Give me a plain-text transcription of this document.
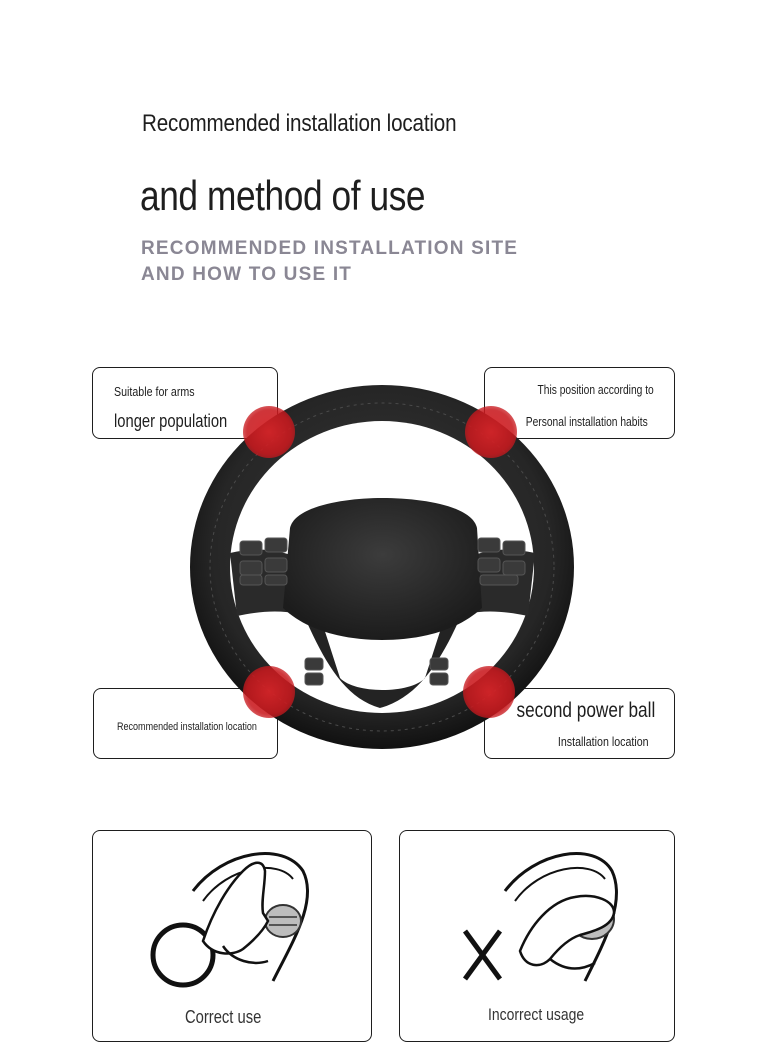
Recommended installation location
and method of use
RECOMMENDED INSTALLATION SITE
AND HOW TO USE IT
Suitable for arms
longer population
This position according to
Personal installation habits
Recommended installation location
second power ball
Installation location
Correct use	Incorrect usage
